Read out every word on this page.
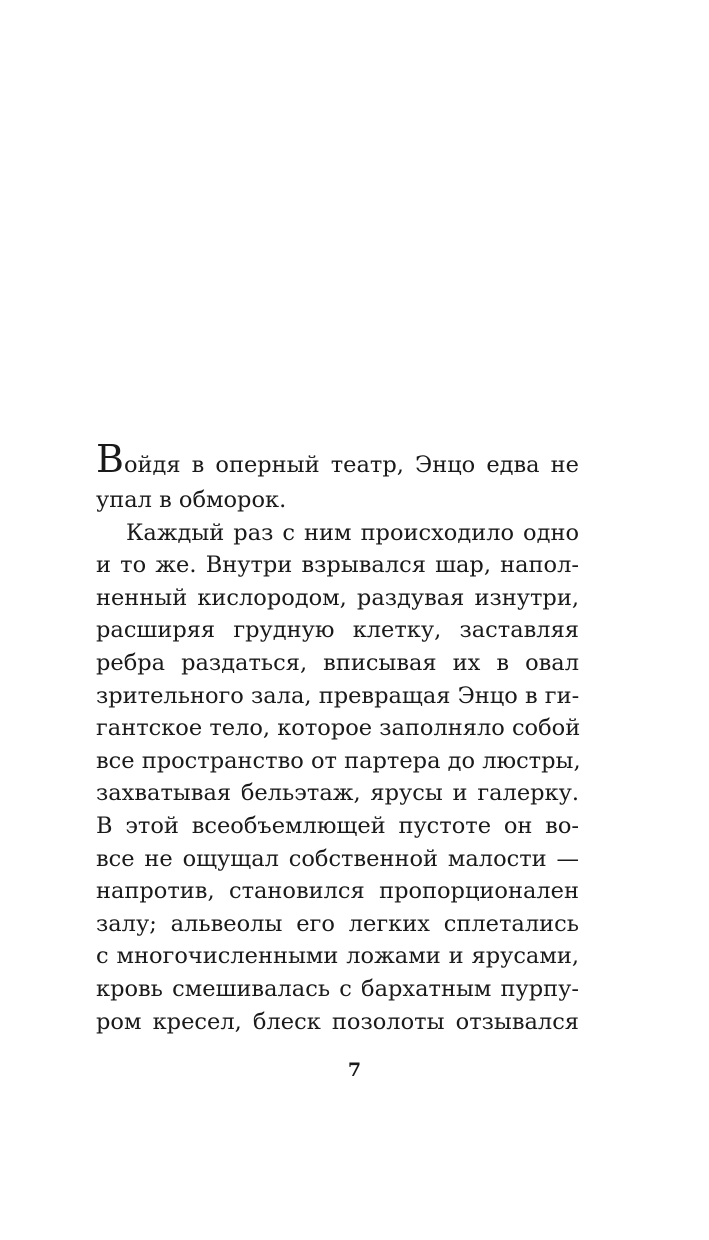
Войдя в оперный театр, Энцо едва не
упал в обморок.
Каждый раз с ним происходило одно
и то же. Внутри взрывался шар, напол-
ненный кислородом, раздувая изнутри,
расширяя грудную клетку, заставляя
ребра раздаться, вписывая их в овал
зрительного зала, превращая Энцо в ги-
гантское тело, которое заполняло собой
все пространство от партера до люстры,
захватывая бельэтаж, ярусы и галерку.
В этой всеобъемлющей пустоте он во-
все не ощущал собственной малости —
напротив, становился пропорционален
залу; альвеолы его легких сплетались
с многочисленными ложами и ярусами,
кровь смешивалась с бархатным пурпу-
ром кресел, блеск позолоты отзывался
7
